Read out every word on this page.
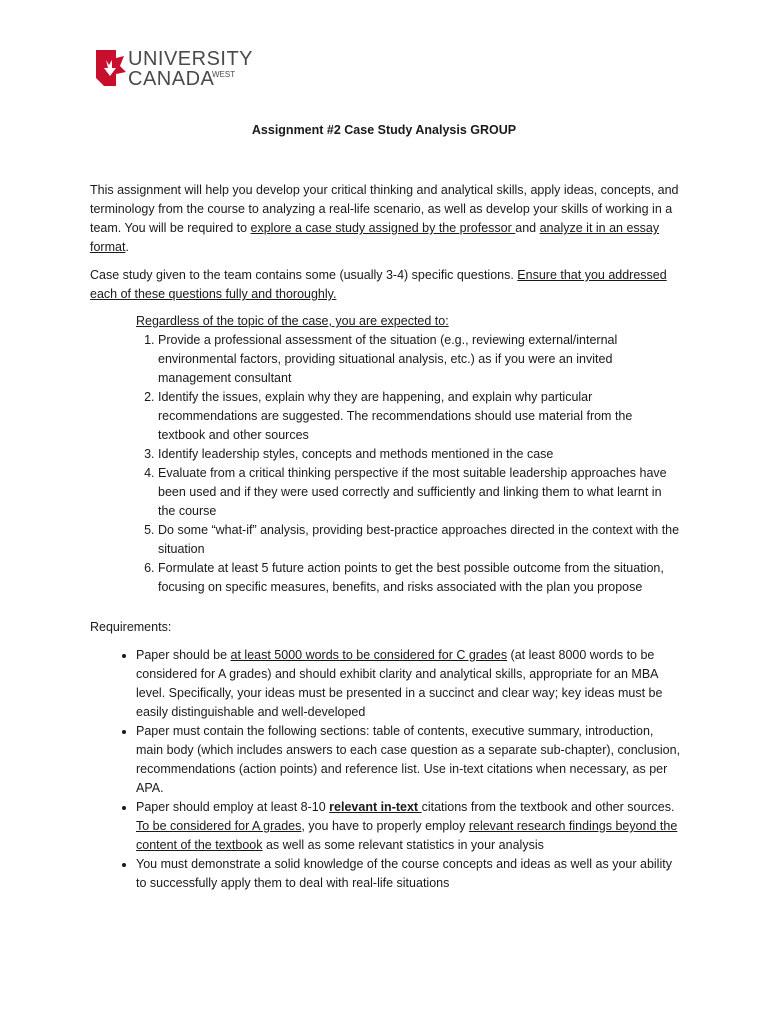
UNIVERSITY
CANADA
WEST
Assignment #2 Case Study Analysis GROUP

This assignment will help you develop your critical thinking and analytical skills, apply ideas, concepts, and terminology from the course to analyzing a real-life scenario, as well as develop your skills of working in a team. You will be required to explore a case study assigned by the professor and analyze it in an essay format.

Case study given to the team contains some (usually 3-4) specific questions. Ensure that you addressed each of these questions fully and thoroughly.

Regardless of the topic of the case, you are expected to:

1. Provide a professional assessment of the situation (e.g., reviewing external/internal environmental factors, providing situational analysis, etc.) as if you were an invited management consultant
2. Identify the issues, explain why they are happening, and explain why particular recommendations are suggested. The recommendations should use material from the textbook and other sources
3. Identify leadership styles, concepts and methods mentioned in the case
4. Evaluate from a critical thinking perspective if the most suitable leadership approaches have been used and if they were used correctly and sufficiently and linking them to what learnt in the course
5. Do some “what-if” analysis, providing best-practice approaches directed in the context with the situation
6. Formulate at least 5 future action points to get the best possible outcome from the situation, focusing on specific measures, benefits, and risks associated with the plan you propose

Requirements:

• Paper should be at least 5000 words to be considered for C grades (at least 8000 words to be considered for A grades) and should exhibit clarity and analytical skills, appropriate for an MBA level. Specifically, your ideas must be presented in a succinct and clear way; key ideas must be easily distinguishable and well-developed
• Paper must contain the following sections: table of contents, executive summary, introduction, main body (which includes answers to each case question as a separate sub-chapter), conclusion, recommendations (action points) and reference list. Use in-text citations when necessary, as per APA.
• Paper should employ at least 8-10 relevant in-text citations from the textbook and other sources. To be considered for A grades, you have to properly employ relevant research findings beyond the content of the textbook as well as some relevant statistics in your analysis
• You must demonstrate a solid knowledge of the course concepts and ideas as well as your ability to successfully apply them to deal with real-life situations
